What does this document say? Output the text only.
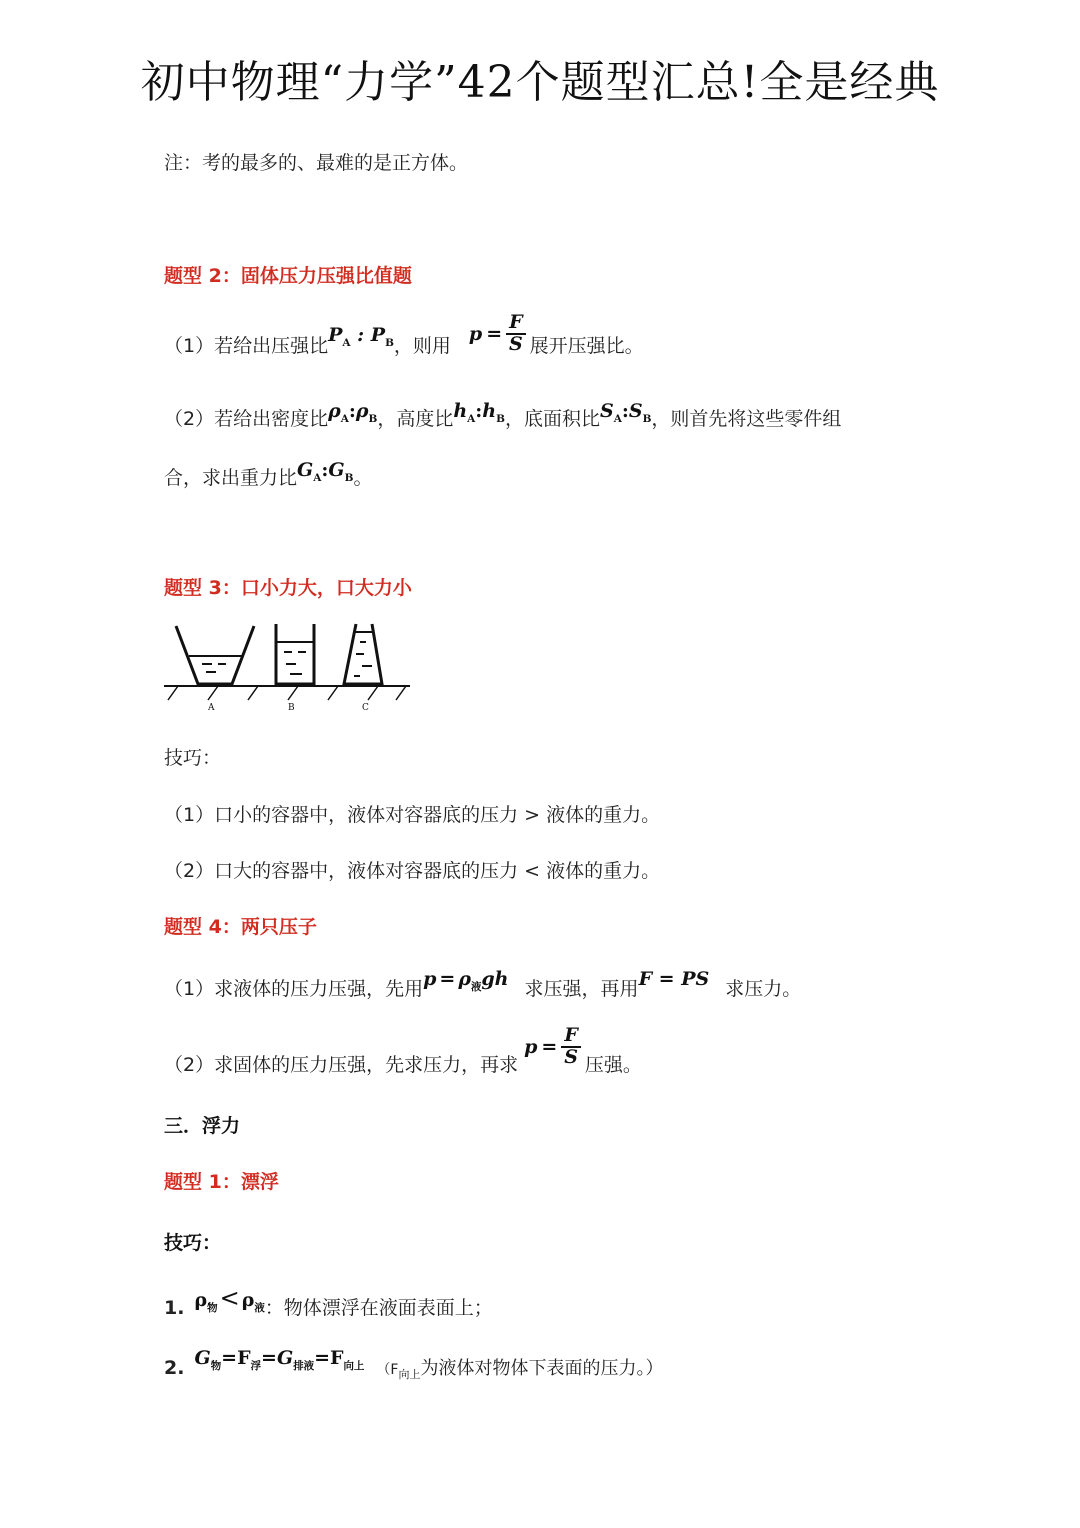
初中物理“力学”42个题型汇总!全是经典
注：考的最多的、最难的是正方体。
题型 2：固体压力压强比值题
（1）若给出压强比 $P_A$ : $P_B$ ，则用
$p = \frac{F}{S}$ 展开压强比。
（2）若给出密度比$\rho_A:\rho_B$，高度比$h_A:h_B$，底面积比$S_A:S_B$，则首先将这些零件组
合，求出重力比$G_A:G_B$。
题型 3：口小力大，口大力小
A	B	C
技巧：
（1）口小的容器中，液体对容器底的压力 > 液体的重力。
（2）口大的容器中，液体对容器底的压力 < 液体的重力。
题型 4：两只压子
（1）求液体的压力压强，先用$p = \rho_液gh$ 求压强，再用F = PS 求压力。
（2）求固体的压力压强，先求压力，再求
$p = \frac{F}{S}$ 压强。
三．浮力
题型 1：漂浮
技巧：
1. $\rho_物< \rho_液$：物体漂浮在液面表面上；
2. $G_物=F_浮=G_{排液}=F_{向上}$ （$F_{向上}$为液体对物体下表面的压力。）
